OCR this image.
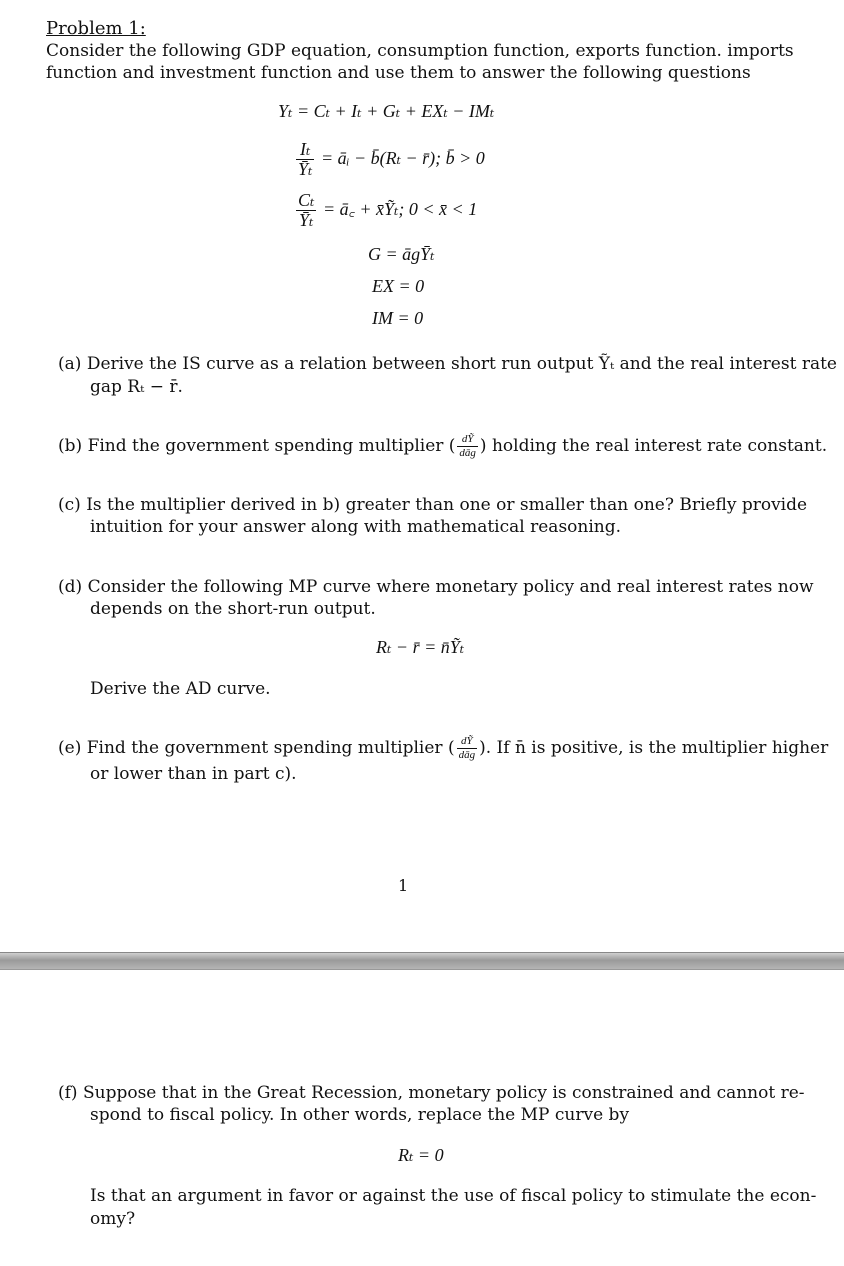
Problem 1:
Consider the following GDP equation, consumption function, exports function. imports
function and investment function and use them to answer the following questions
Yₜ = Cₜ + Iₜ + Gₜ + EXₜ − IMₜ
$\frac{\text{Iₜ}}{\text{Ȳₜ}}$ = āᵢ − b̄(Rₜ − r̄); b̄ > 0
$\frac{\text{Cₜ}}{\text{Ȳₜ}}$ = ā꜀ + x̄Ỹₜ; 0 < x̄ < 1
G = āgȲₜ
EX = 0
IM = 0
(a) Derive the IS curve as a relation between short run output Ỹₜ and the real interest rate
gap Rₜ − r̄.
(b) Find the government spending multiplier ( $\frac{\text{dỸ}}{\text{dāg}}$ ) holding the real interest rate constant.
(c) Is the multiplier derived in b) greater than one or smaller than one? Briefly provide
intuition for your answer along with mathematical reasoning.
(d) Consider the following MP curve where monetary policy and real interest rates now
depends on the short-run output.
Rₜ − r̄ = n̄Ỹₜ
Derive the AD curve.
(e) Find the government spending multiplier ( $\frac{\text{dỸ}}{\text{dāg}}$ ). If n̄ is positive, is the multiplier higher
or lower than in part c).
1
(f) Suppose that in the Great Recession, monetary policy is constrained and cannot re-
spond to fiscal policy. In other words, replace the MP curve by
Rₜ = 0
Is that an argument in favor or against the use of fiscal policy to stimulate the econ-
omy?
